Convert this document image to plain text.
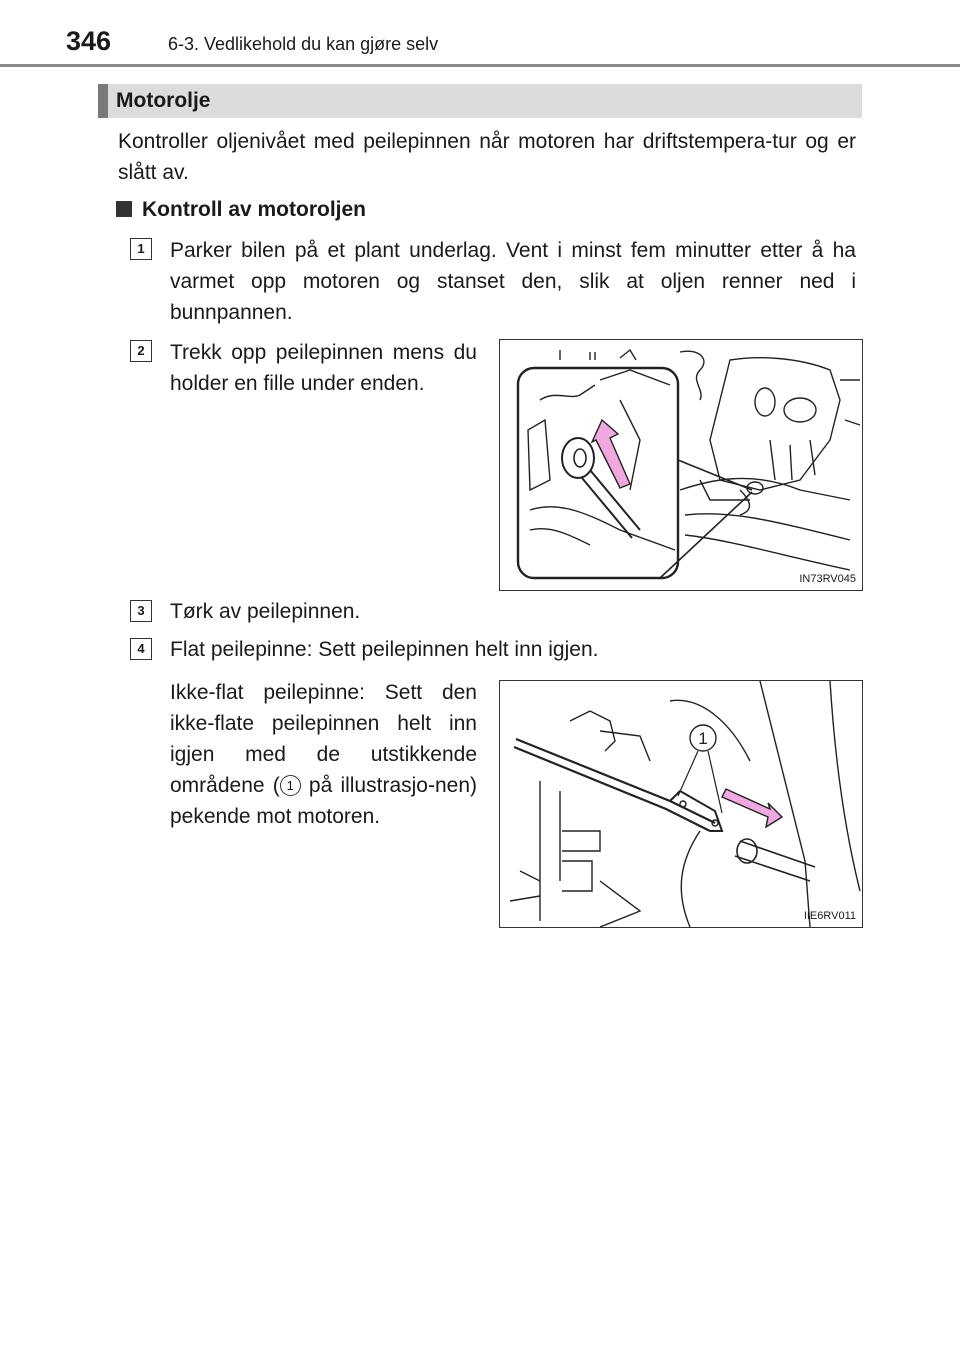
346	6-3. Vedlikehold du kan gjøre selv
Motorolje
Kontroller oljenivået med peilepinnen når motoren har driftstempera-tur og er slått av.
Kontroll av motoroljen
1	Parker bilen på et plant underlag. Vent i minst fem minutter etter å ha varmet opp motoren og stanset den, slik at oljen renner ned i bunnpannen.
2	Trekk opp peilepinnen mens du holder en fille under enden.
IN73RV045
3	Tørk av peilepinnen.
4	Flat peilepinne: Sett peilepinnen helt inn igjen.
Ikke-flat peilepinne: Sett den ikke-flate peilepinnen helt inn igjen med de utstikkende områdene ( 1 på illustrasjo-nen) pekende mot motoren.
1
IIE6RV011
